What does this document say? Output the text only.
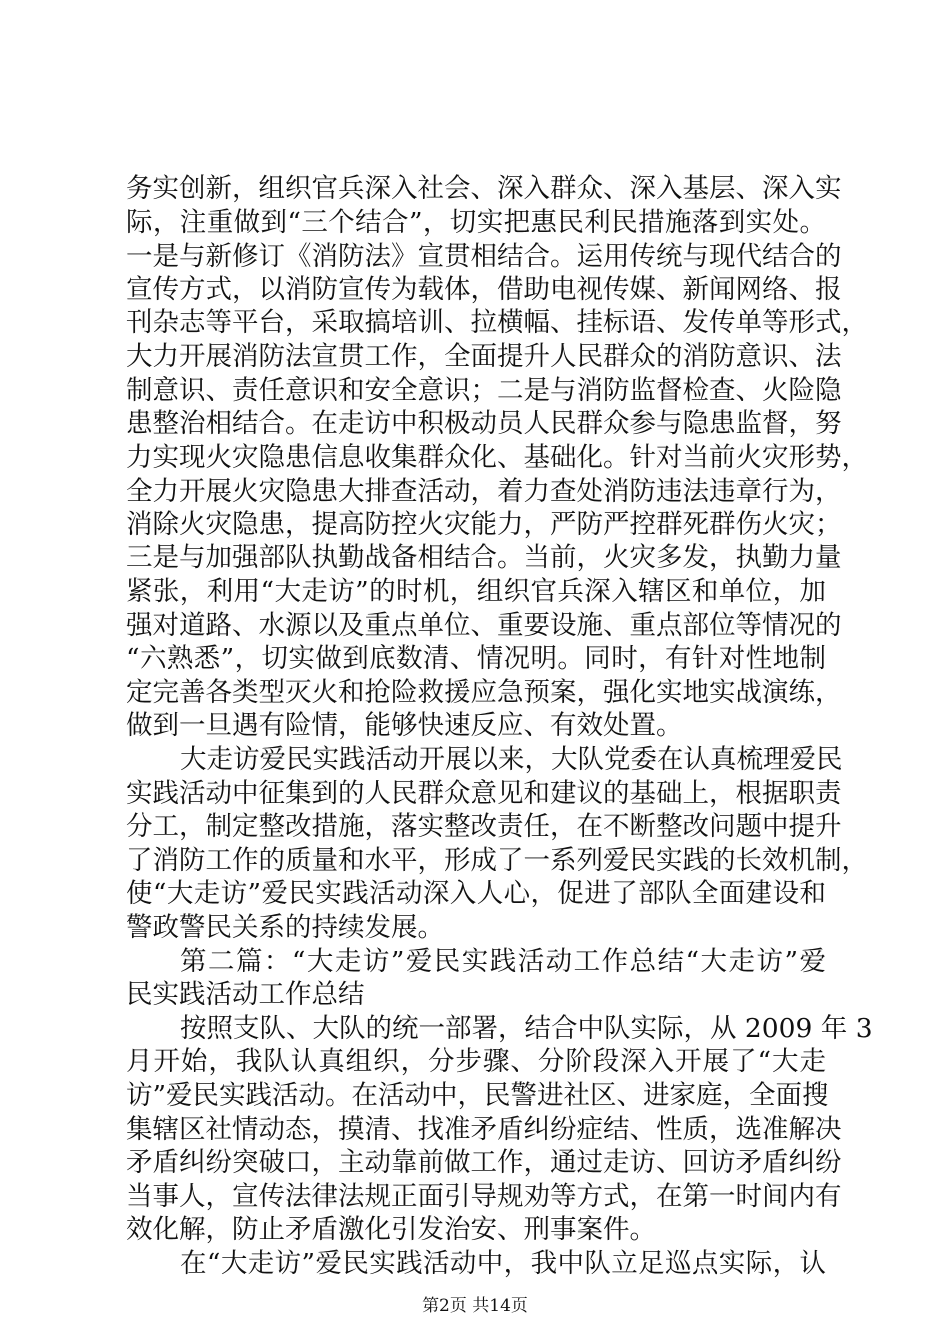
务实创新，组织官兵深入社会、深入群众、深入基层、深入实
际，注重做到“三个结合”，切实把惠民利民措施落到实处。
一是与新修订《消防法》宣贯相结合。运用传统与现代结合的
宣传方式，以消防宣传为载体，借助电视传媒、新闻网络、报
刊杂志等平台，采取搞培训、拉横幅、挂标语、发传单等形式，
大力开展消防法宣贯工作，全面提升人民群众的消防意识、法
制意识、责任意识和安全意识；二是与消防监督检查、火险隐
患整治相结合。在走访中积极动员人民群众参与隐患监督，努
力实现火灾隐患信息收集群众化、基础化。针对当前火灾形势，
全力开展火灾隐患大排查活动，着力查处消防违法违章行为，
消除火灾隐患，提高防控火灾能力，严防严控群死群伤火灾；
三是与加强部队执勤战备相结合。当前，火灾多发，执勤力量
紧张，利用“大走访”的时机，组织官兵深入辖区和单位，加
强对道路、水源以及重点单位、重要设施、重点部位等情况的
“六熟悉”，切实做到底数清、情况明。同时，有针对性地制
定完善各类型灭火和抢险救援应急预案，强化实地实战演练，
做到一旦遇有险情，能够快速反应、有效处置。
大走访爱民实践活动开展以来，大队党委在认真梳理爱民
实践活动中征集到的人民群众意见和建议的基础上，根据职责
分工，制定整改措施，落实整改责任，在不断整改问题中提升
了消防工作的质量和水平，形成了一系列爱民实践的长效机制，
使“大走访”爱民实践活动深入人心，促进了部队全面建设和
警政警民关系的持续发展。
第二篇：“大走访”爱民实践活动工作总结“大走访”爱
民实践活动工作总结
按照支队、大队的统一部署，结合中队实际，从 2009 年 3
月开始，我队认真组织，分步骤、分阶段深入开展了“大走
访”爱民实践活动。在活动中，民警进社区、进家庭，全面搜
集辖区社情动态，摸清、找准矛盾纠纷症结、性质，选准解决
矛盾纠纷突破口，主动靠前做工作，通过走访、回访矛盾纠纷
当事人，宣传法律法规正面引导规劝等方式，在第一时间内有
效化解，防止矛盾激化引发治安、刑事案件。
在“大走访”爱民实践活动中，我中队立足巡点实际，认
第2页 共14页
